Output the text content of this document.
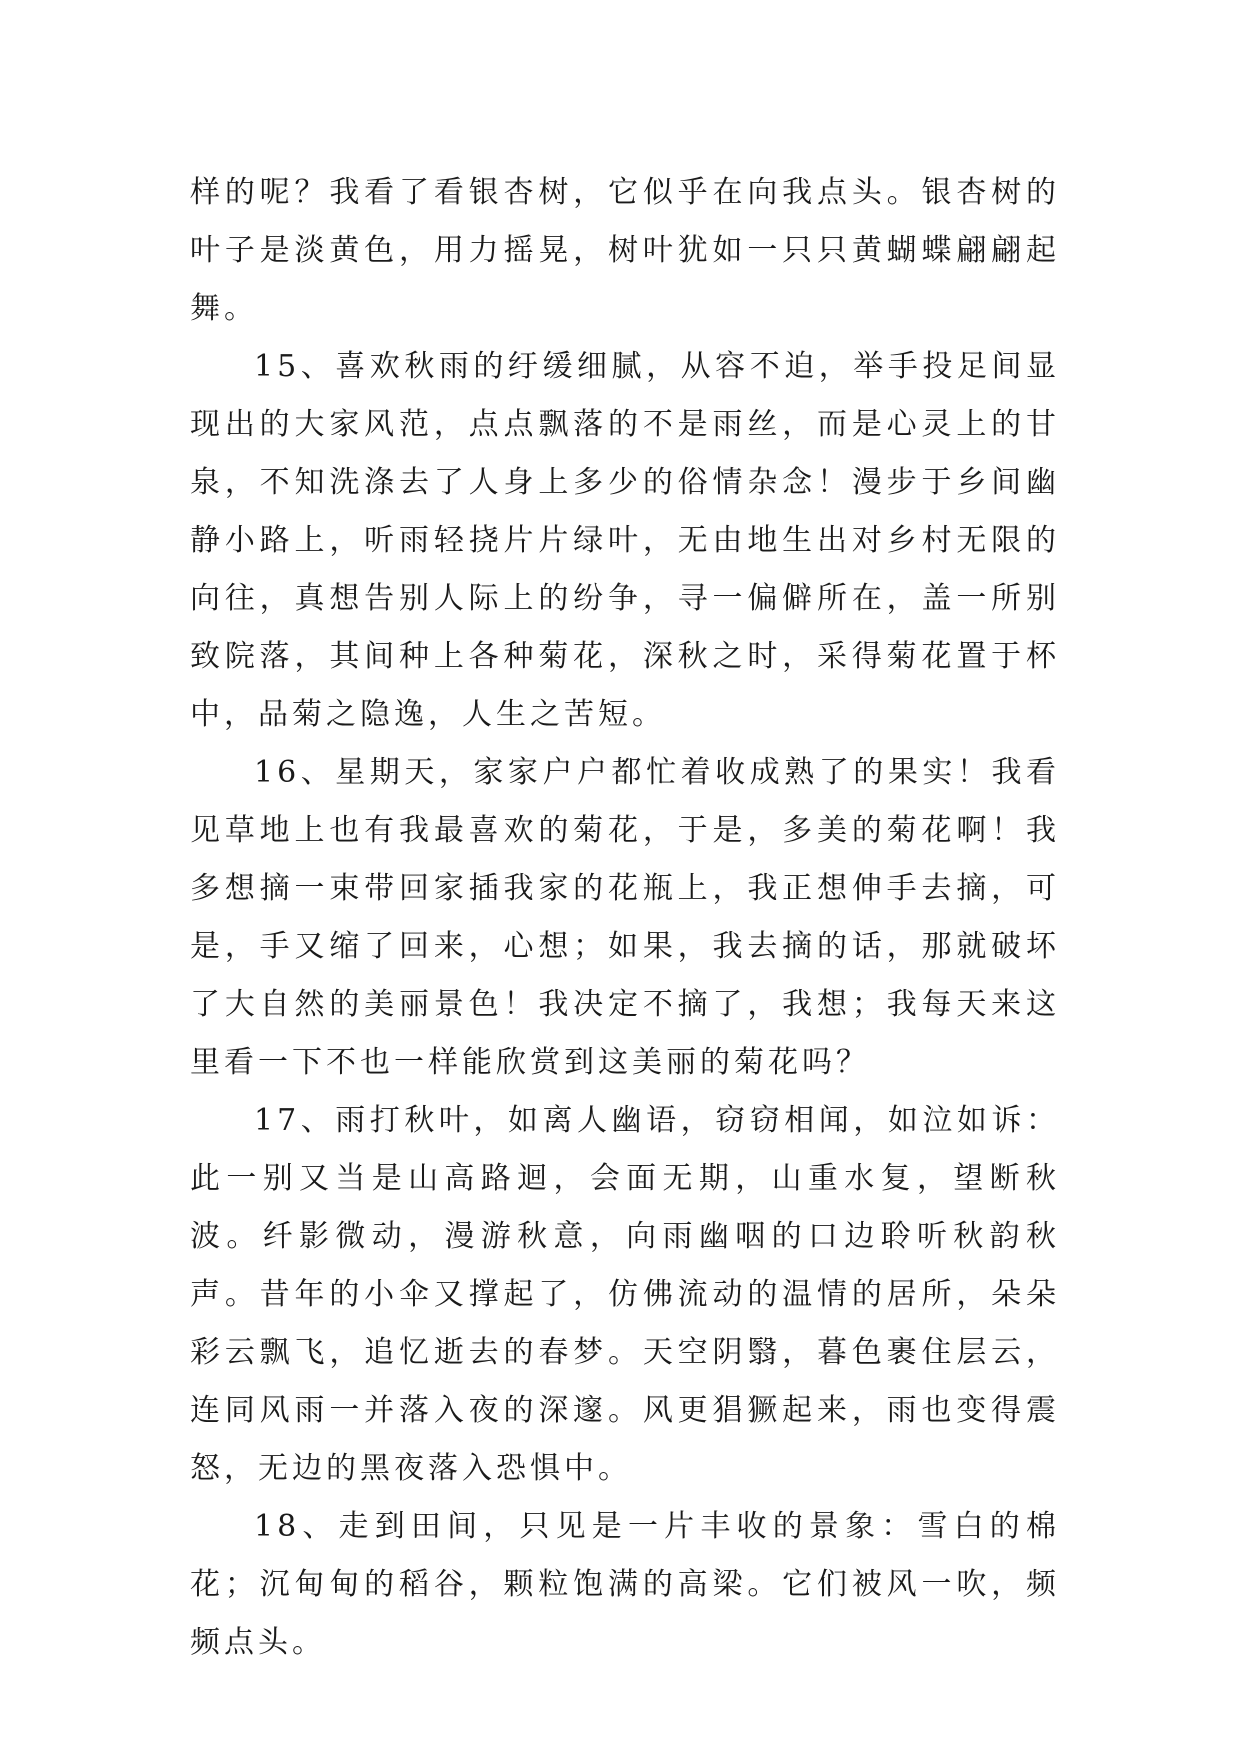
样的呢？我看了看银杏树，它似乎在向我点头。银杏树的叶子是淡黄色，用力摇晃，树叶犹如一只只黄蝴蝶翩翩起舞。

15、喜欢秋雨的纡缓细腻，从容不迫，举手投足间显现出的大家风范，点点飘落的不是雨丝，而是心灵上的甘泉，不知洗涤去了人身上多少的俗情杂念！漫步于乡间幽静小路上，听雨轻挠片片绿叶，无由地生出对乡村无限的向往，真想告别人际上的纷争，寻一偏僻所在，盖一所别致院落，其间种上各种菊花，深秋之时，采得菊花置于杯中，品菊之隐逸，人生之苦短。

16、星期天，家家户户都忙着收成熟了的果实！我看见草地上也有我最喜欢的菊花，于是，多美的菊花啊！我多想摘一束带回家插我家的花瓶上，我正想伸手去摘，可是，手又缩了回来，心想；如果，我去摘的话，那就破坏了大自然的美丽景色！我决定不摘了，我想；我每天来这里看一下不也一样能欣赏到这美丽的菊花吗？

17、雨打秋叶，如离人幽语，窃窃相闻，如泣如诉：此一别又当是山高路迴，会面无期，山重水复，望断秋波。纤影微动，漫游秋意，向雨幽咽的口边聆听秋韵秋声。昔年的小伞又撑起了，仿佛流动的温情的居所，朵朵彩云飘飞，追忆逝去的春梦。天空阴翳，暮色裹住层云，连同风雨一并落入夜的深邃。风更猖獗起来，雨也变得震怒，无边的黑夜落入恐惧中。

18、走到田间，只见是一片丰收的景象：雪白的棉花；沉甸甸的稻谷，颗粒饱满的高梁。它们被风一吹，频频点头。
